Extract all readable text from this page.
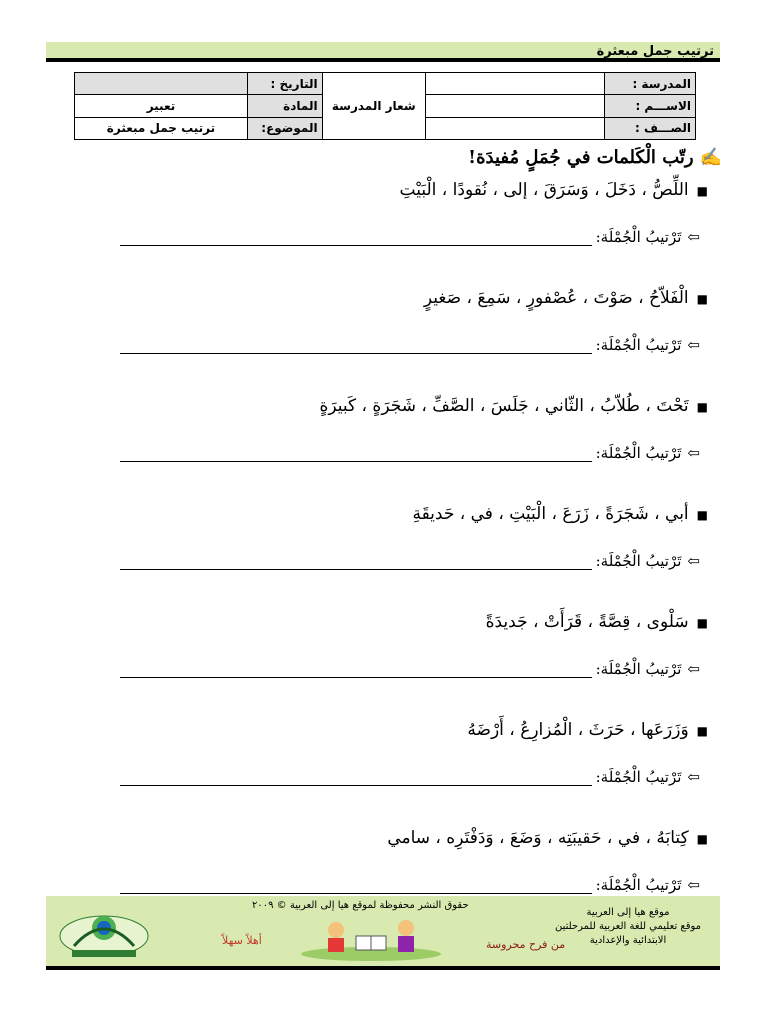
ترتيب جمل مبعثرة
المدرسة :		شعار المدرسة	التاريخ :	
الاســـم :			المادة	تعبير
الصـــف :			الموضوع:	ترتيب جمل مبعثرة
✍رتّب الْكَلمات في جُمَلٍ مُفيدَة!
■اللِّصُّ ، دَخَلَ ، وَسَرَقَ ، إلى ، نُقودًا ، الْبَيْتِ
⇦
تَرْتيبُ الْجُمْلَة:
■الْفَلاّحُ ، صَوْتَ ، عُصْفورٍ ، سَمِعَ ، صَغيرٍ
⇦
تَرْتيبُ الْجُمْلَة:
■تَحْتَ ، طُلاّبُ ، الثّاني ، جَلَسَ ، الصَّفِّ ، شَجَرَةٍ ، كَبيرَةٍ
⇦
تَرْتيبُ الْجُمْلَة:
■أبي ، شَجَرَةً ، زَرَعَ ، الْبَيْتِ ، في ، حَديقَةِ
⇦
تَرْتيبُ الْجُمْلَة:
■سَلْوى ، قِصَّةً ، قَرَأَتْ ، جَديدَةً
⇦
تَرْتيبُ الْجُمْلَة:
■وَزَرَعَها ، حَرَثَ ، الْمُزارِعُ ، أَرْضَهُ
⇦
تَرْتيبُ الْجُمْلَة:
■كِتابَهُ ، في ، حَقيبَتِه ، وَضَعَ ، وَدَفْتَرِه ، سامي
⇦
تَرْتيبُ الْجُمْلَة:
حقوق النشر محفوظة لموقع هيا إلى العربية © ٢٠٠٩
أهلاً سهلاً	من فرح محروسة
موقع هيا إلى العربية
موقع تعليمي للغة العربية للمرحلتين
الابتدائية والإعدادية
